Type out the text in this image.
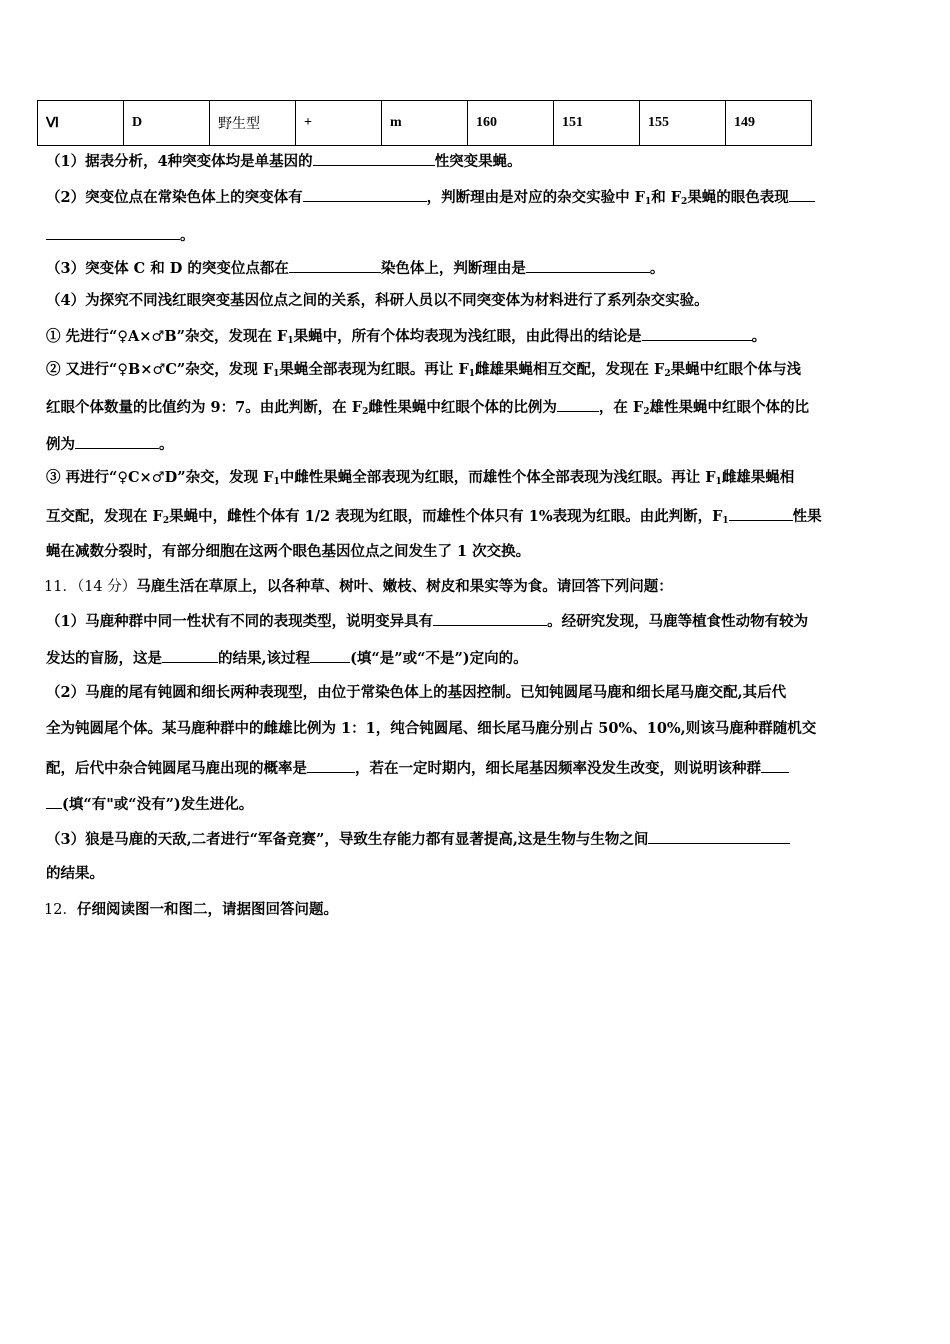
Ⅵ	D	野生型	+	m	160	151	155	149
（1）据表分析，4种突变体均是单基因的	性突变果蝇。
（2）突变位点在常染色体上的突变体有	，判断理由是对应的杂交实验中 $F_1$和 $F_2$果蝇的眼色表现
。
（3）突变体 C 和 D 的突变位点都在	染色体上，判断理由是	。
（4）为探究不同浅红眼突变基因位点之间的关系，科研人员以不同突变体为材料进行了系列杂交实验。
① 先进行“♀A×♂B”杂交，发现在 $F_1$果蝇中，所有个体均表现为浅红眼，由此得出的结论是	。
② 又进行“♀B×♂C”杂交，发现 $F_1$果蝇全部表现为红眼。再让 $F_1$雌雄果蝇相互交配，发现在 $F_2$果蝇中红眼个体与浅
红眼个体数量的比值约为 9：7。由此判断，在 $F_2$雌性果蝇中红眼个体的比例为	，在 $F_2$雄性果蝇中红眼个体的比
例为	。
③ 再进行“♀C×♂D”杂交，发现 $F_1$中雌性果蝇全部表现为红眼，而雄性个体全部表现为浅红眼。再让 $F_1$雌雄果蝇相
互交配，发现在 $F_2$果蝇中，雌性个体有 1/2 表现为红眼，而雄性个体只有 1%表现为红眼。由此判断，$F_1$	性果
蝇在减数分裂时，有部分细胞在这两个眼色基因位点之间发生了 1 次交换。
11．（14 分）马鹿生活在草原上，以各种草、树叶、嫩枝、树皮和果实等为食。请回答下列问题：
（1）马鹿种群中同一性状有不同的表现类型，说明变异具有	。经研究发现，马鹿等植食性动物有较为
发达的盲肠，这是	的结果,该过程	(填“是”或“不是”)定向的。
（2）马鹿的尾有钝圆和细长两种表现型，由位于常染色体上的基因控制。已知钝圆尾马鹿和细长尾马鹿交配,其后代
全为钝圆尾个体。某马鹿种群中的雌雄比例为 1：1，纯合钝圆尾、细长尾马鹿分别占 50%、10%,则该马鹿种群随机交
配，后代中杂合钝圆尾马鹿出现的概率是	，若在一定时期内，细长尾基因频率没发生改变，则说明该种群
(填“有"或“没有”)发生进化。
（3）狼是马鹿的天敌,二者进行“军备竞赛”，导致生存能力都有显著提高,这是生物与生物之间
的结果。
12．仔细阅读图一和图二，请据图回答问题。
